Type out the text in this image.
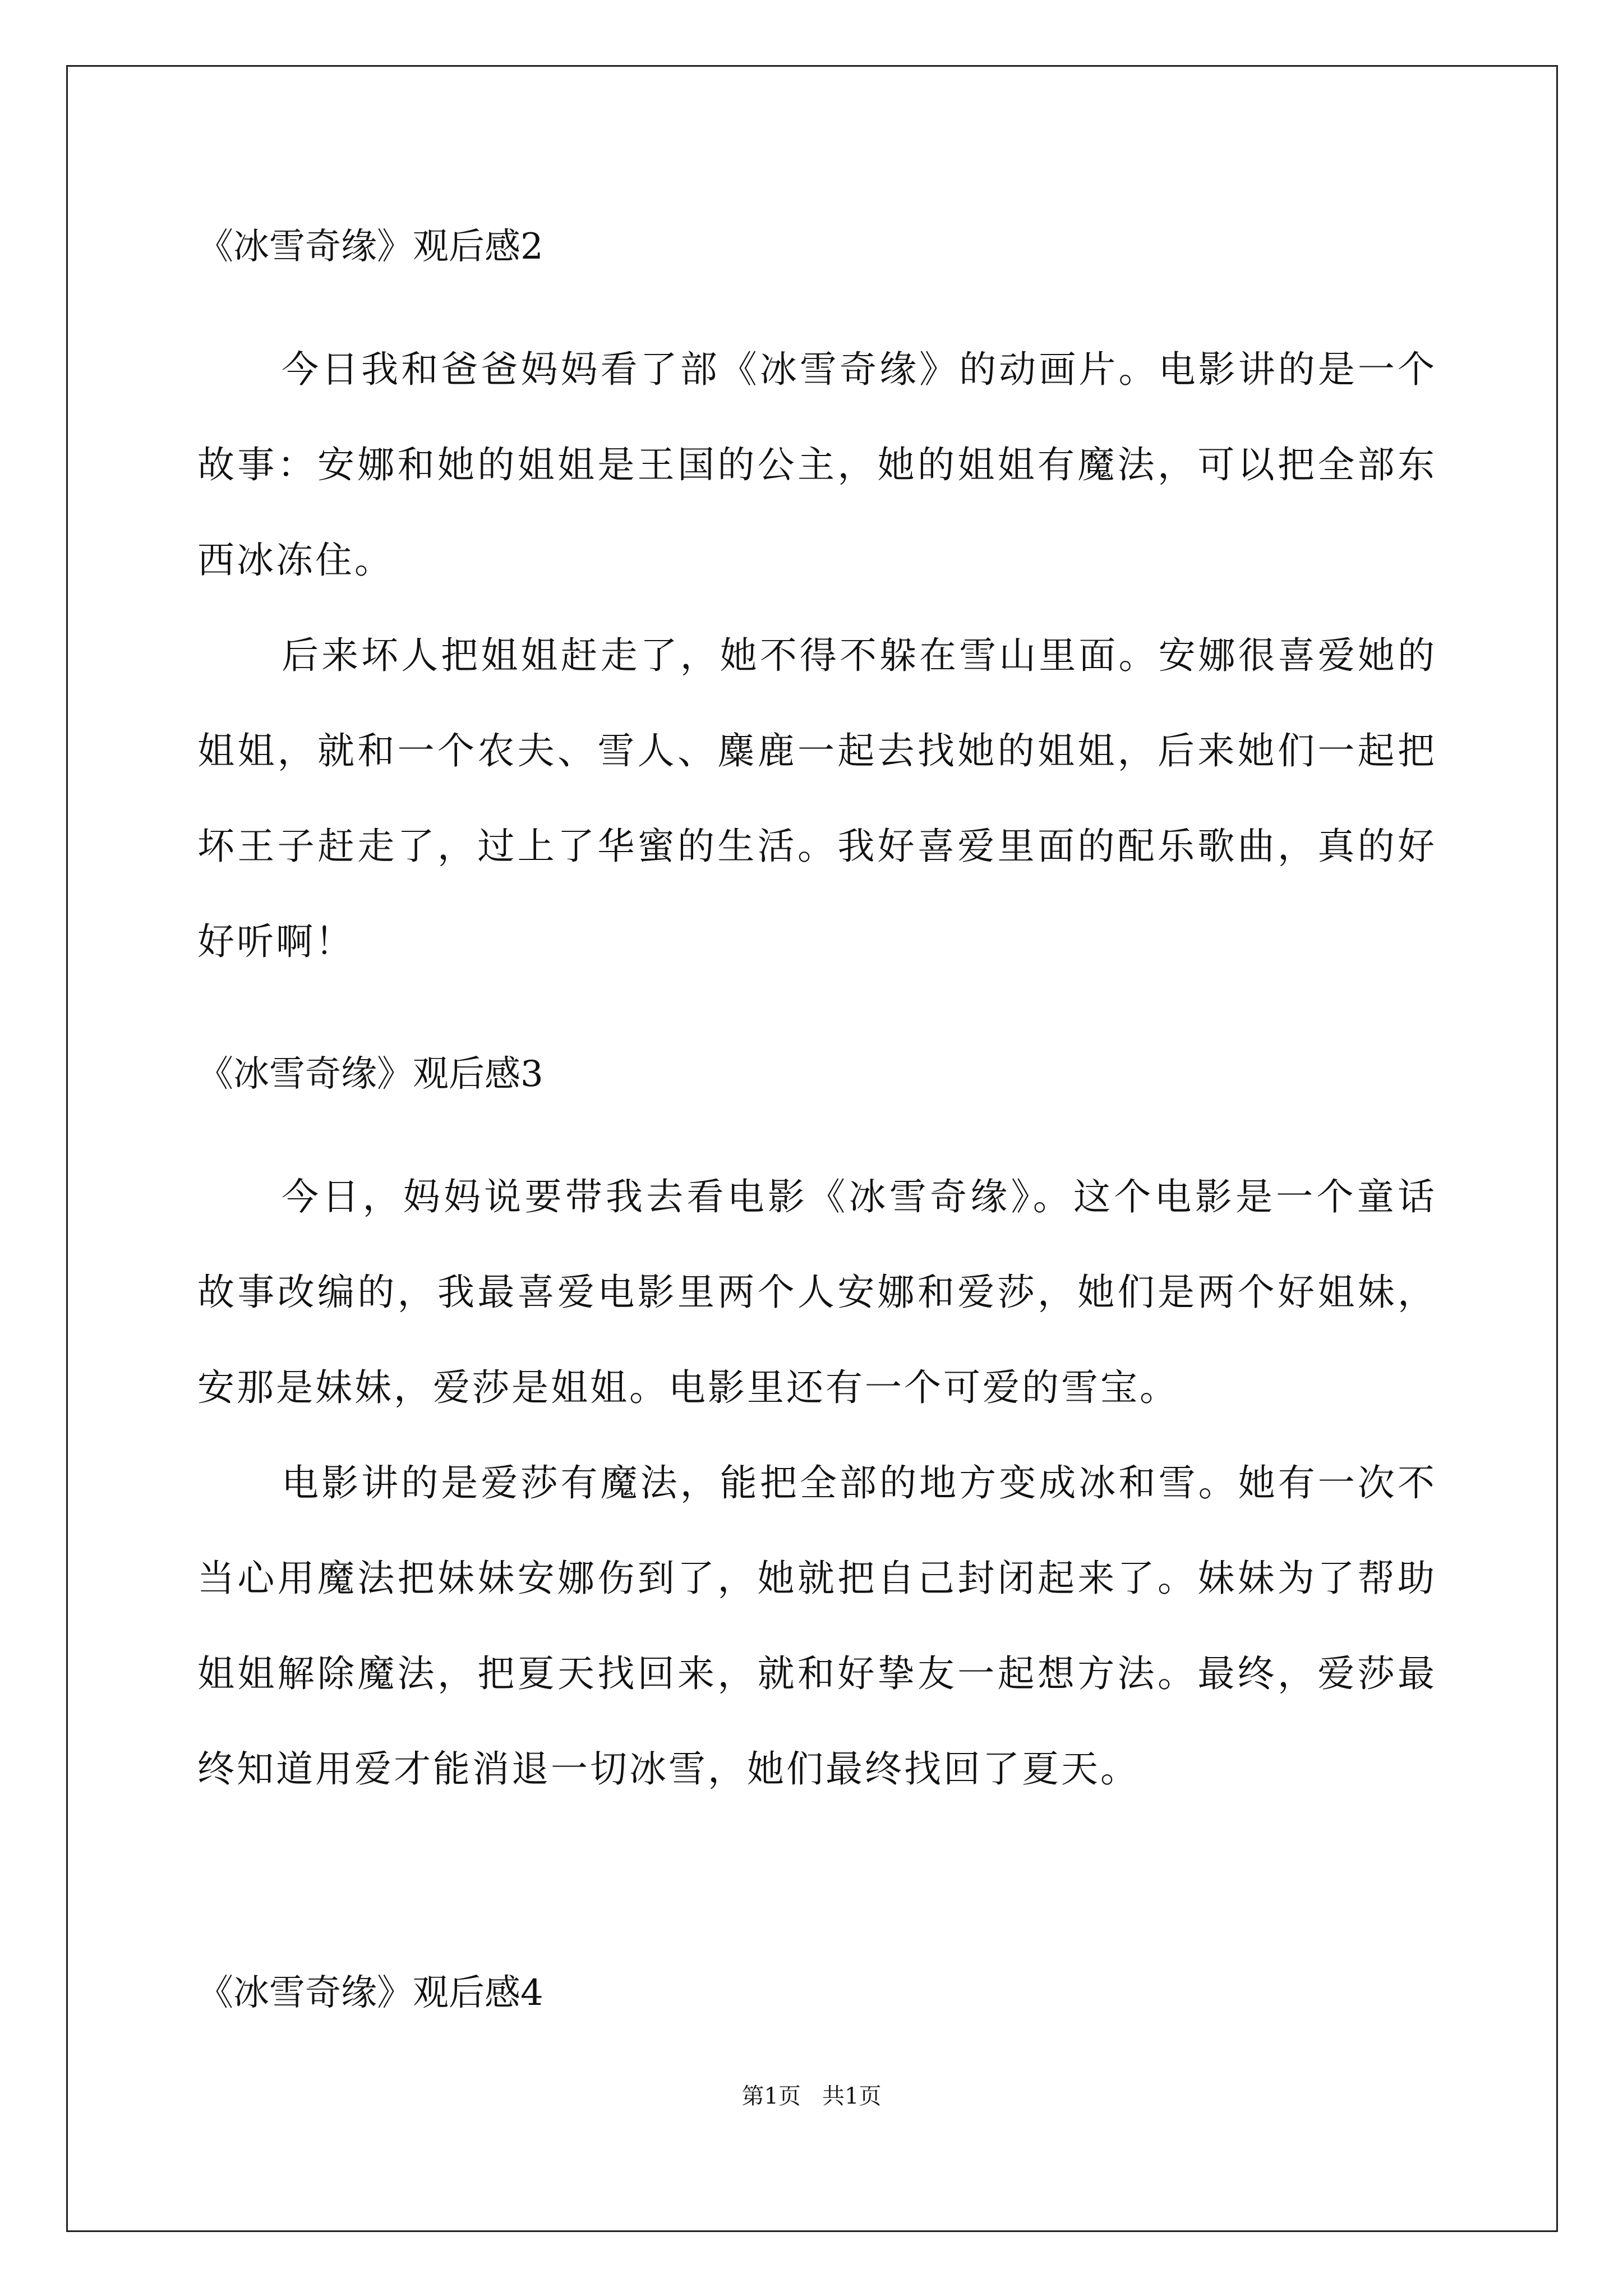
《冰雪奇缘》观后感2

今日我和爸爸妈妈看了部《冰雪奇缘》的动画片。电影讲的是一个故事：安娜和她的姐姐是王国的公主，她的姐姐有魔法，可以把全部东西冰冻住。

后来坏人把姐姐赶走了，她不得不躲在雪山里面。安娜很喜爱她的姐姐，就和一个农夫、雪人、麋鹿一起去找她的姐姐，后来她们一起把坏王子赶走了，过上了华蜜的生活。我好喜爱里面的配乐歌曲，真的好好听啊！

《冰雪奇缘》观后感3

今日，妈妈说要带我去看电影《冰雪奇缘》。这个电影是一个童话故事改编的，我最喜爱电影里两个人安娜和爱莎，她们是两个好姐妹，安那是妹妹，爱莎是姐姐。电影里还有一个可爱的雪宝。

电影讲的是爱莎有魔法，能把全部的地方变成冰和雪。她有一次不当心用魔法把妹妹安娜伤到了，她就把自己封闭起来了。妹妹为了帮助姐姐解除魔法，把夏天找回来，就和好挚友一起想方法。最终，爱莎最终知道用爱才能消退一切冰雪，她们最终找回了夏天。

《冰雪奇缘》观后感4
第1页   共1页
